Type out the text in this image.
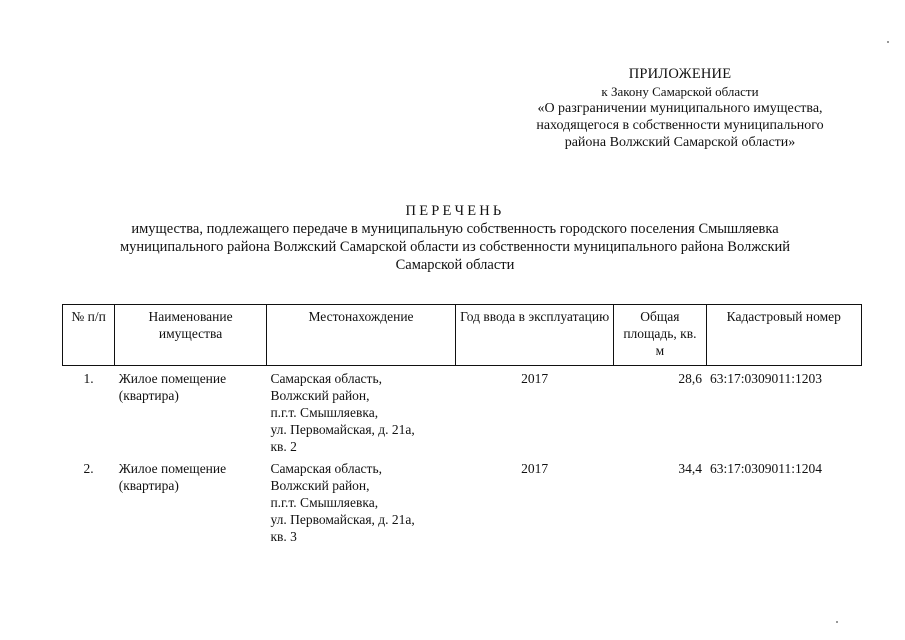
ПРИЛОЖЕНИЕ
к Закону Самарской области
«О разграничении муниципального имущества,
находящегося в собственности муниципального
района Волжский Самарской области»
ПЕРЕЧЕНЬ
имущества, подлежащего передаче в муниципальную собственность городского поселения Смышляевка
муниципального района Волжский Самарской области из собственности муниципального района Волжский
Самарской области
№ п/п	Наименование имущества	Местонахождение	Год ввода в эксплуатацию	Общая площадь, кв. м	Кадастровый номер

1.	Жилое помещение (квартира)	Самарская область,
Волжский район,
п.г.т. Смышляевка,
ул. Первомайская, д. 21а,
кв. 2	2017	28,6	63:17:0309011:1203
2.	Жилое помещение (квартира)	Самарская область,
Волжский район,
п.г.т. Смышляевка,
ул. Первомайская, д. 21а,
кв. 3	2017	34,4	63:17:0309011:1204
